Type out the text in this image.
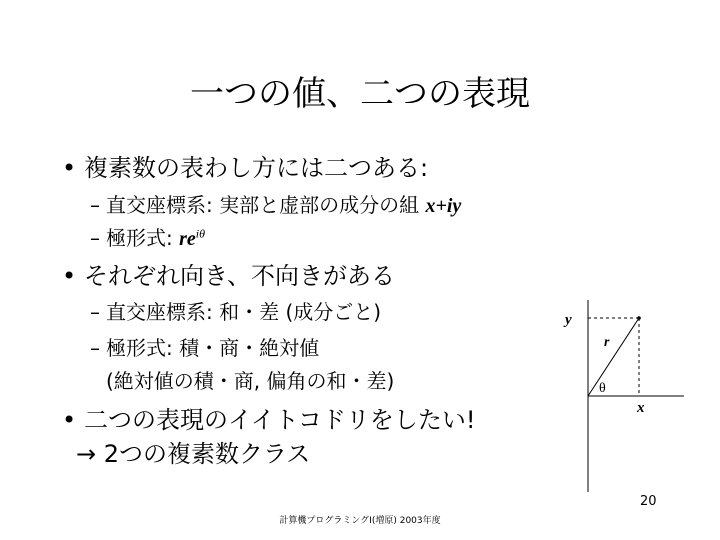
一つの値、二つの表現
• 複素数の表わし方には二つある:
– 直交座標系: 実部と虚部の成分の組 x+iy
– 極形式: $re^{i\theta}$
• それぞれ向き、不向きがある
– 直交座標系: 和・差 (成分ごと)
– 極形式: 積・商・絶対値
(絶対値の積・商, 偏角の和・差)
• 二つの表現のイイトコドリをしたい!
→ 2つの複素数クラス
y
x
r
θ
20
計算機プログラミングI(増原) 2003年度
